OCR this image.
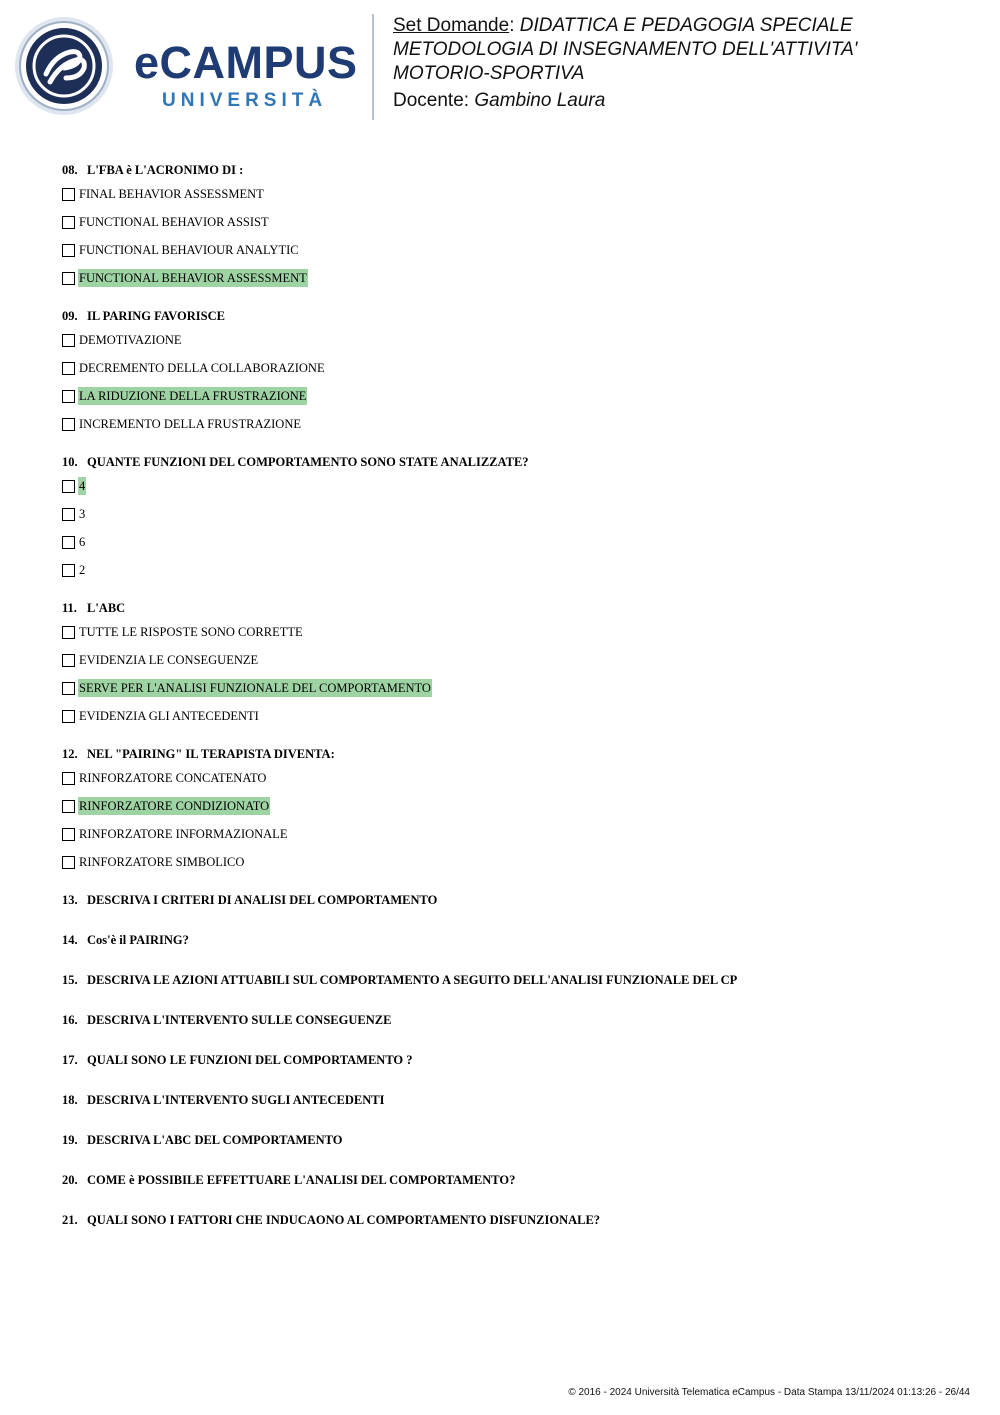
eCAMPUS
UNIVERSITÀ

Set Domande: DIDATTICA E PEDAGOGIA SPECIALE

METODOLOGIA DI INSEGNAMENTO DELL'ATTIVITA'

MOTORIO-SPORTIVA

Docente: Gambino Laura

08. L'FBA è L'ACRONIMO DI :
FINAL BEHAVIOR ASSESSMENT
FUNCTIONAL BEHAVIOR ASSIST
FUNCTIONAL BEHAVIOUR ANALYTIC
FUNCTIONAL BEHAVIOR ASSESSMENT
09. IL PARING FAVORISCE
DEMOTIVAZIONE
DECREMENTO DELLA COLLABORAZIONE
LA RIDUZIONE DELLA FRUSTRAZIONE
INCREMENTO DELLA FRUSTRAZIONE
10. QUANTE FUNZIONI DEL COMPORTAMENTO SONO STATE ANALIZZATE?
4
3
6
2
11. L'ABC
TUTTE LE RISPOSTE SONO CORRETTE
EVIDENZIA LE CONSEGUENZE
SERVE PER L'ANALISI FUNZIONALE DEL COMPORTAMENTO
EVIDENZIA GLI ANTECEDENTI
12. NEL "PAIRING" IL TERAPISTA DIVENTA:
RINFORZATORE CONCATENATO
RINFORZATORE CONDIZIONATO
RINFORZATORE INFORMAZIONALE
RINFORZATORE SIMBOLICO
13. DESCRIVA I CRITERI DI ANALISI DEL COMPORTAMENTO
14. Cos'è il PAIRING?
15. DESCRIVA LE AZIONI ATTUABILI SUL COMPORTAMENTO A SEGUITO DELL'ANALISI FUNZIONALE DEL CP
16. DESCRIVA L'INTERVENTO SULLE CONSEGUENZE
17. QUALI SONO LE FUNZIONI DEL COMPORTAMENTO ?
18. DESCRIVA L'INTERVENTO SUGLI ANTECEDENTI
19. DESCRIVA L'ABC DEL COMPORTAMENTO
20. COME è POSSIBILE EFFETTUARE L'ANALISI DEL COMPORTAMENTO?
21. QUALI SONO I FATTORI CHE INDUCAONO AL COMPORTAMENTO DISFUNZIONALE?
© 2016 - 2024 Università Telematica eCampus - Data Stampa 13/11/2024 01:13:26 - 26/44
